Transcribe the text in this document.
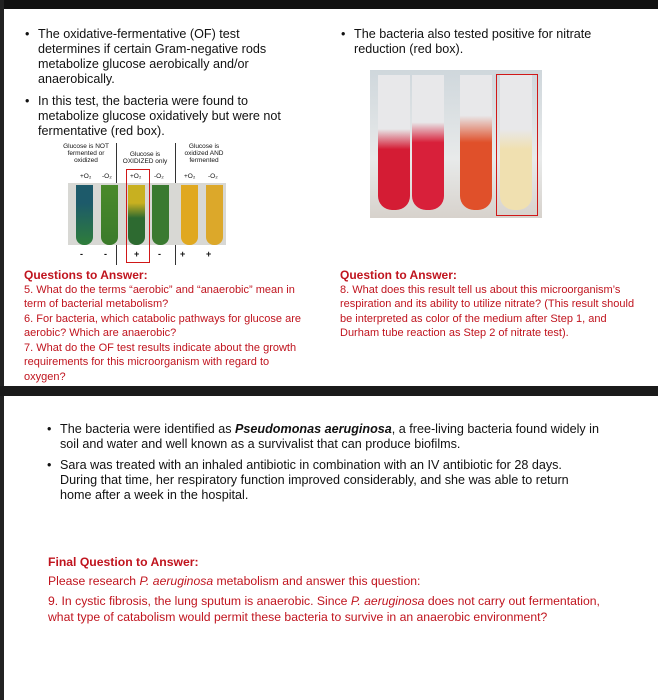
• The oxidative-fermentative (OF) test determines if certain Gram-negative rods metabolize glucose aerobically and/or anaerobically.
• In this test, the bacteria were found to metabolize glucose oxidatively but were not fermentative (red box).
Glucose is NOT fermented or oxidized
Glucose is OXIDIZED only
Glucose is oxidized AND fermented
+O₂ -O₂	+O₂ -O₂	+O₂ -O₂
- -	+ - + +
Questions to Answer:
5. What do the terms “aerobic” and “anaerobic” mean in term of bacterial metabolism?
6. For bacteria, which catabolic pathways for glucose are aerobic? Which are anaerobic?
7. What do the OF test results indicate about the growth requirements for this microorganism with regard to oxygen?
• The bacteria also tested positive for nitrate reduction (red box).
Question to Answer:
8. What does this result tell us about this microorganism’s respiration and its ability to utilize nitrate? (This result should be interpreted as color of the medium after Step 1, and Durham tube reaction as Step 2 of nitrate test).
• The bacteria were identified as Pseudomonas aeruginosa, a free-living bacteria found widely in soil and water and well known as a survivalist that can produce biofilms.
• Sara was treated with an inhaled antibiotic in combination with an IV antibiotic for 28 days. During that time, her respiratory function improved considerably, and she was able to return home after a week in the hospital.
Final Question to Answer:
Please research P. aeruginosa metabolism and answer this question:
9. In cystic fibrosis, the lung sputum is anaerobic. Since P. aeruginosa does not carry out fermentation, what type of catabolism would permit these bacteria to survive in an anaerobic environment?
